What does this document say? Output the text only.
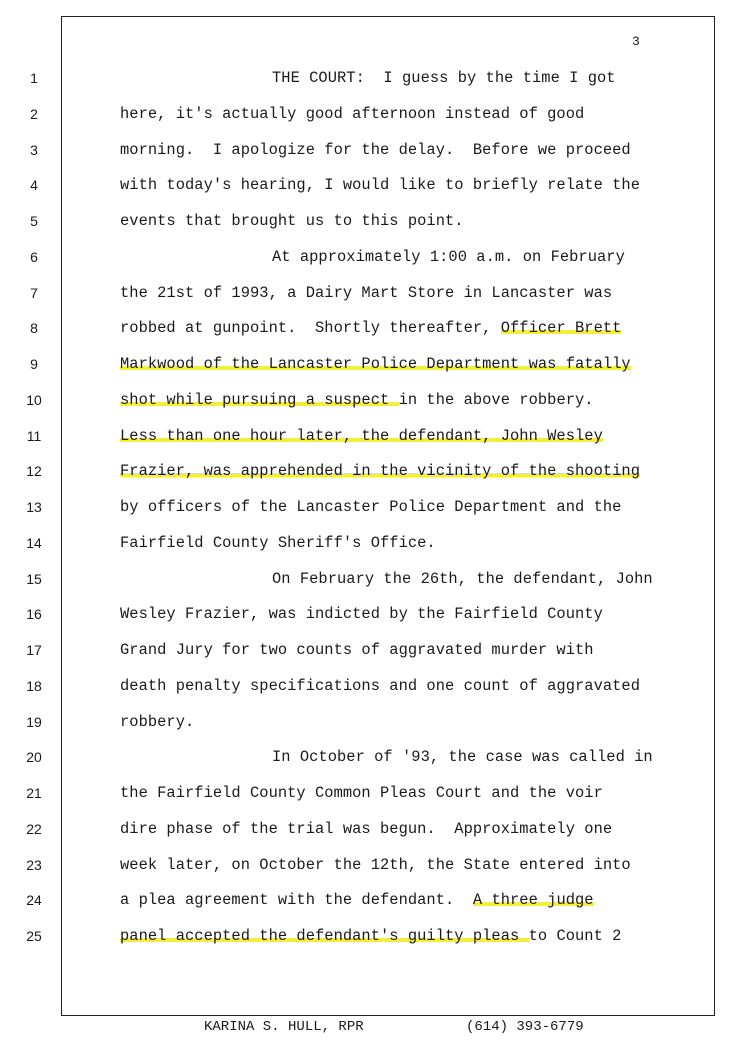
3
1	THE COURT:  I guess by the time I got
2	here, it's actually good afternoon instead of good
3	morning.  I apologize for the delay.  Before we proceed
4	with today's hearing, I would like to briefly relate the
5	events that brought us to this point.
6	At approximately 1:00 a.m. on February
7	the 21st of 1993, a Dairy Mart Store in Lancaster was
8	robbed at gunpoint.  Shortly thereafter, Officer Brett
9	Markwood of the Lancaster Police Department was fatally
10	shot while pursuing a suspect in the above robbery.
11	Less than one hour later, the defendant, John Wesley
12	Frazier, was apprehended in the vicinity of the shooting
13	by officers of the Lancaster Police Department and the
14	Fairfield County Sheriff's Office.
15	On February the 26th, the defendant, John
16	Wesley Frazier, was indicted by the Fairfield County
17	Grand Jury for two counts of aggravated murder with
18	death penalty specifications and one count of aggravated
19	robbery.
20	In October of '93, the case was called in
21	the Fairfield County Common Pleas Court and the voir
22	dire phase of the trial was begun.  Approximately one
23	week later, on October the 12th, the State entered into
24	a plea agreement with the defendant.  A three judge
25	panel accepted the defendant's guilty pleas to Count 2
KARINA S. HULL, RPR	(614) 393-6779
